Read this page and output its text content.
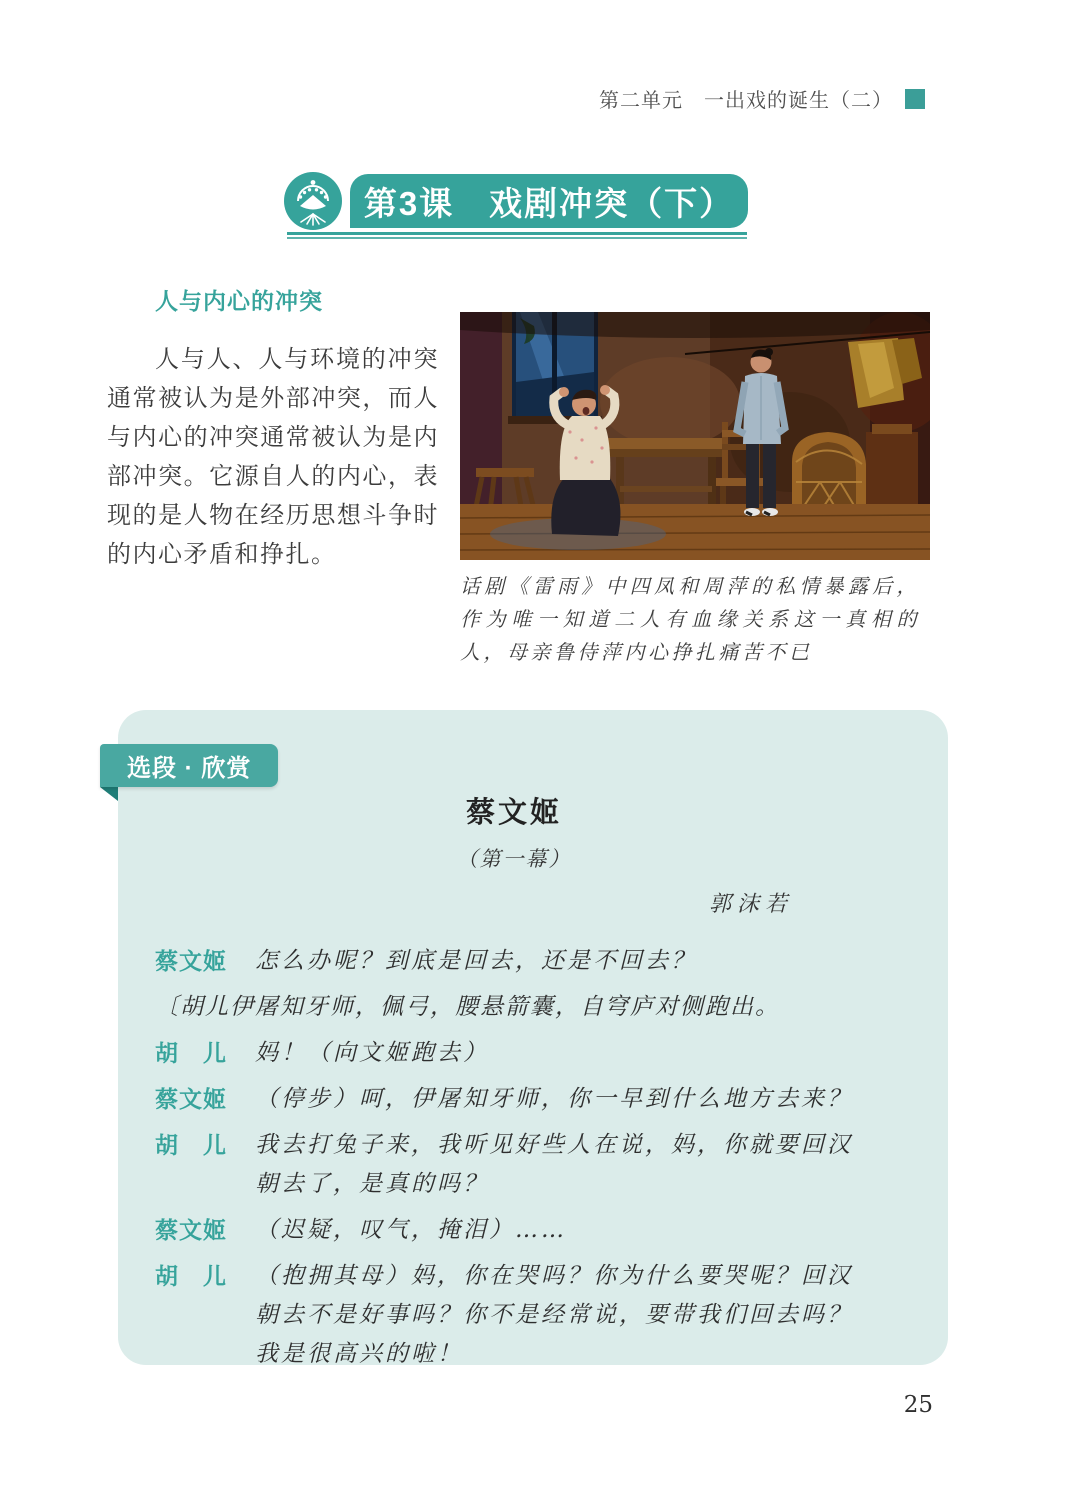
第二单元　一出戏的诞生（二）
第3课　戏剧冲突（下）
人与内心的冲突

人与人、人与环境的冲突通常被认为是外部冲突，而人与内心的冲突通常被认为是内部冲突。它源自人的内心，表现的是人物在经历思想斗争时的内心矛盾和挣扎。

话剧《雷雨》中四凤和周萍的私情暴露后，作为唯一知道二人有血缘关系这一真相的人，母亲鲁侍萍内心挣扎痛苦不已

选段 · 欣赏
蔡文姬
（第一幕）
郭沫若
蔡文姬	怎么办呢？到底是回去，还是不回去？
〔胡儿伊屠知牙师，佩弓，腰悬箭囊，自穹庐对侧跑出。
胡　儿	妈！（向文姬跑去）
蔡文姬	（停步）呵，伊屠知牙师，你一早到什么地方去来？
胡　儿	我去打兔子来，我听见好些人在说，妈，你就要回汉朝去了，是真的吗？
蔡文姬	（迟疑，叹气，掩泪）……
胡　儿	（抱拥其母）妈，你在哭吗？你为什么要哭呢？回汉朝去不是好事吗？你不是经常说，要带我们回去吗？我是很高兴的啦！
25
